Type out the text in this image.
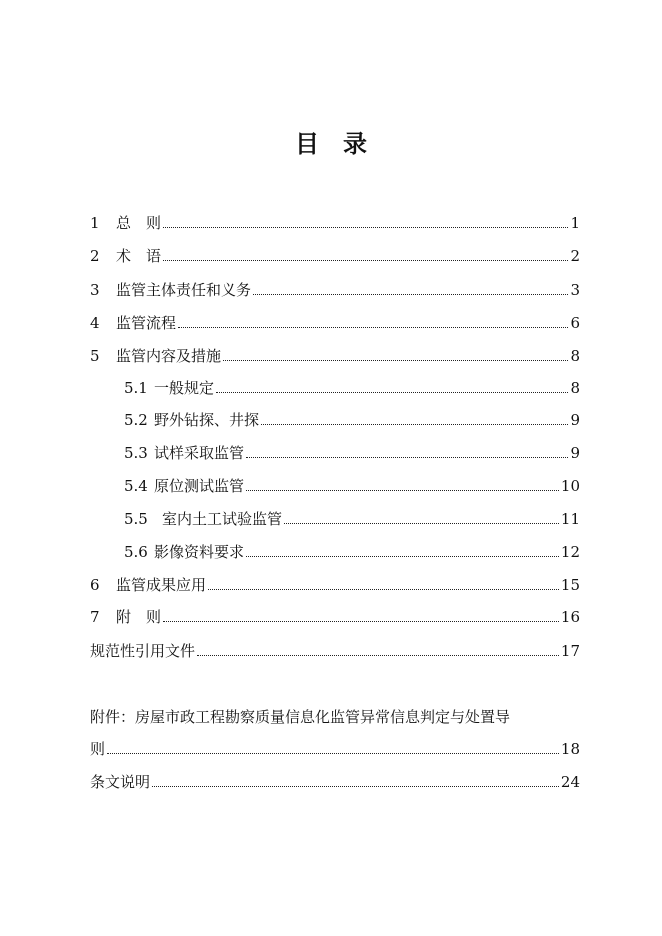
目　录
1	总　则	1
2	术　语	2
3	监管主体责任和义务	3
4	监管流程	6
5	监管内容及措施	8
5.1 一般规定	8
5.2 野外钻探、井探	9
5.3 试样采取监管	9
5.4 原位测试监管	10
5.5 室内土工试验监管	11
5.6 影像资料要求	12
6	监管成果应用	15
7	附　则	16
规范性引用文件	17
附件：房屋市政工程勘察质量信息化监管异常信息判定与处置导
则	18
条文说明	24
